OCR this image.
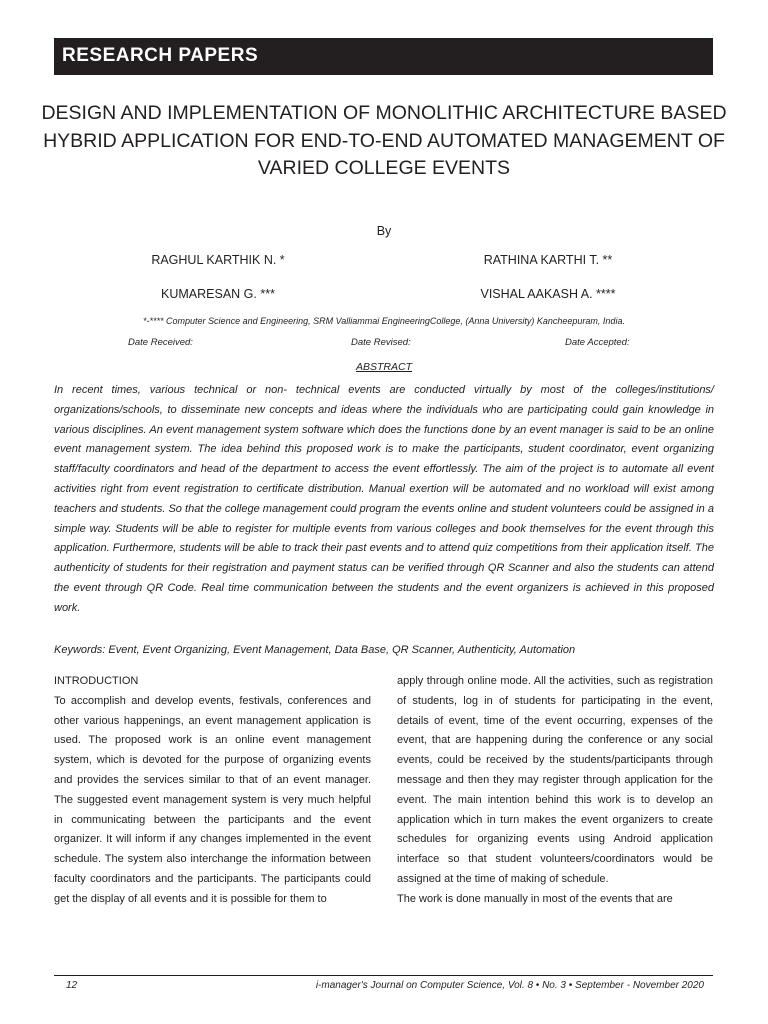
RESEARCH PAPERS
DESIGN AND IMPLEMENTATION OF MONOLITHIC ARCHITECTURE BASED HYBRID APPLICATION FOR END-TO-END AUTOMATED MANAGEMENT OF VARIED COLLEGE EVENTS
By
RAGHUL KARTHIK N. *	RATHINA KARTHI T. **
KUMARESAN G. ***	VISHAL AAKASH A. ****
*-**** Computer Science and Engineering, SRM Valliammai EngineeringCollege, (Anna University) Kancheepuram, India.
Date Received:	Date Revised:	Date Accepted:
ABSTRACT

In recent times, various technical or non- technical events are conducted virtually by most of the colleges/institutions/ organizations/schools, to disseminate new concepts and ideas where the individuals who are participating could gain knowledge in various disciplines. An event management system software which does the functions done by an event manager is said to be an online event management system. The idea behind this proposed work is to make the participants, student coordinator, event organizing staff/faculty coordinators and head of the department to access the event effortlessly. The aim of the project is to automate all event activities right from event registration to certificate distribution. Manual exertion will be automated and no workload will exist among teachers and students. So that the college management could program the events online and student volunteers could be assigned in a simple way. Students will be able to register for multiple events from various colleges and book themselves for the event through this application. Furthermore, students will be able to track their past events and to attend quiz competitions from their application itself. The authenticity of students for their registration and payment status can be verified through QR Scanner and also the students can attend the event through QR Code. Real time communication between the students and the event organizers is achieved in this proposed work.

Keywords: Event, Event Organizing, Event Management, Data Base, QR Scanner, Authenticity, Automation
INTRODUCTION

To accomplish and develop events, festivals, conferences and other various happenings, an event management application is used. The proposed work is an online event management system, which is devoted for the purpose of organizing events and provides the services similar to that of an event manager. The suggested event management system is very much helpful in communicating between the participants and the event organizer. It will inform if any changes implemented in the event schedule. The system also interchange the information between faculty coordinators and the participants. The participants could get the display of all events and it is possible for them to

apply through online mode. All the activities, such as registration of students, log in of students for participating in the event, details of event, time of the event occurring, expenses of the event, that are happening during the conference or any social events, could be received by the students/participants through message and then they may register through application for the event. The main intention behind this work is to develop an application which in turn makes the event organizers to create schedules for organizing events using Android application interface so that student volunteers/coordinators would be assigned at the time of making of schedule.

The work is done manually in most of the events that are

12	i-manager's Journal on Computer Science, Vol. 8 • No. 3 • September - November 2020
